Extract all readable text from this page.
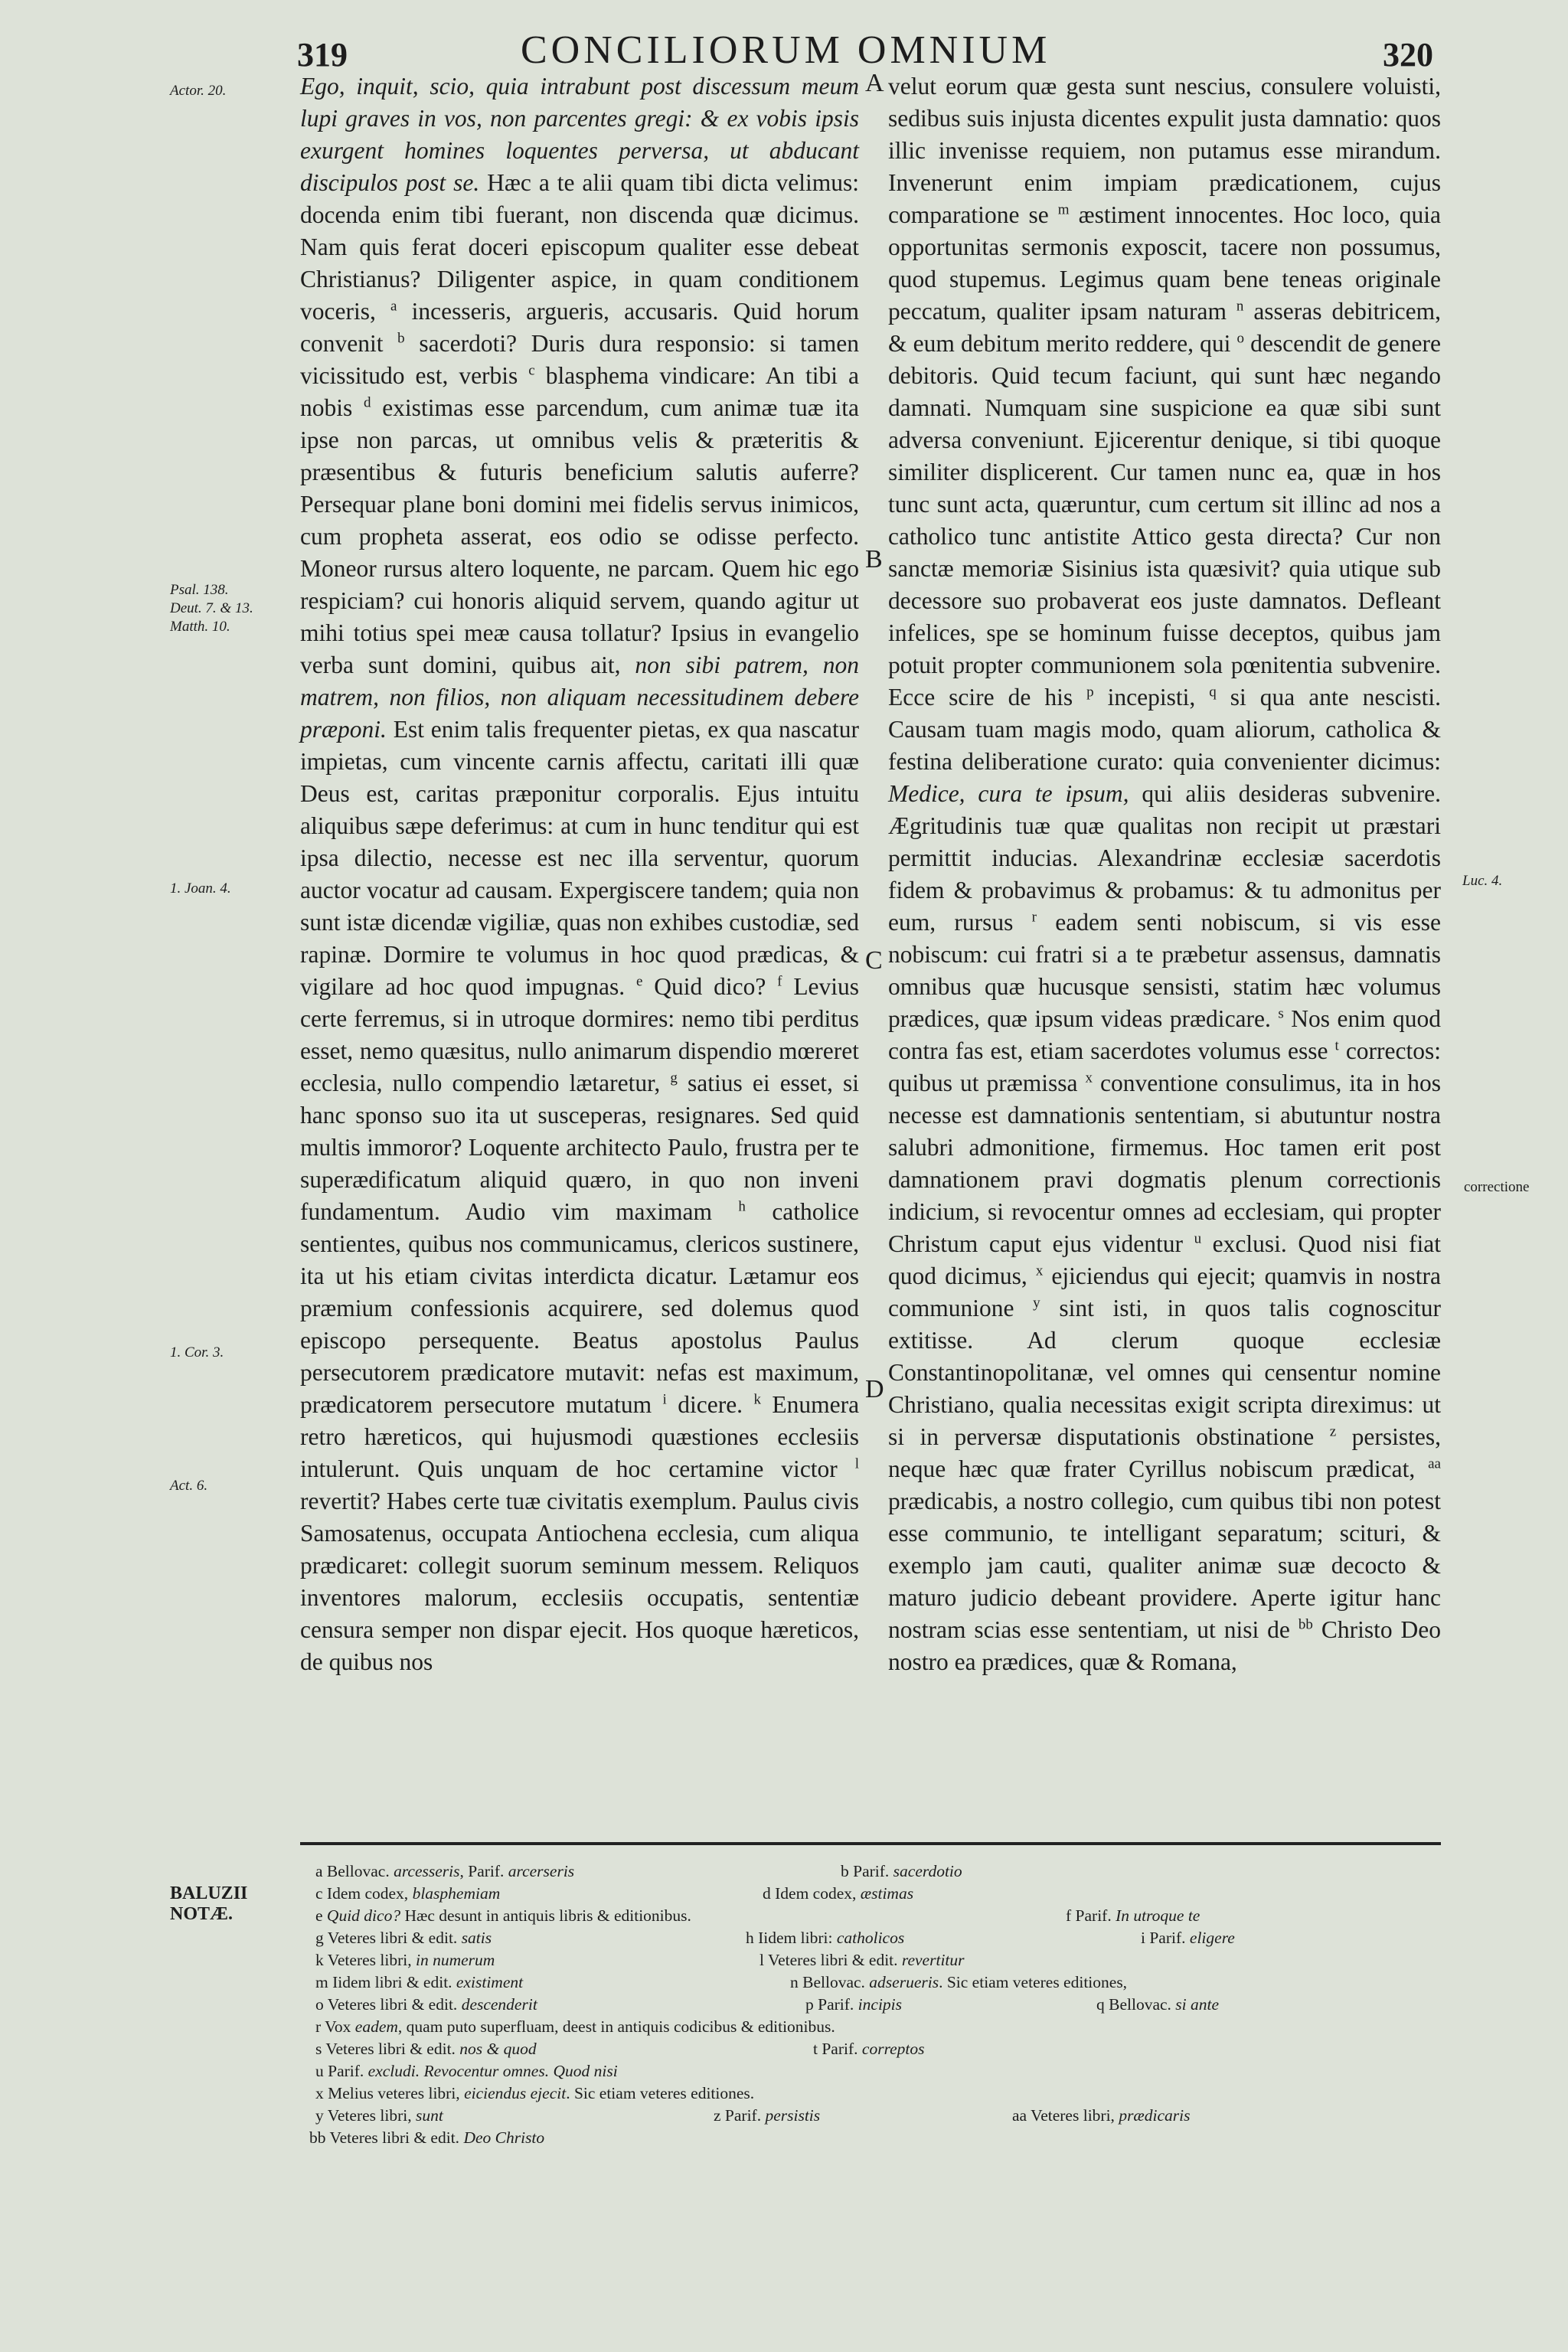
319	CONCILIORUM OMNIUM	320
Actor. 20.
Psal. 138.
Deut. 7. & 13.
Matth. 10.
1. Joan. 4.
1. Cor. 3.
Act. 6.
Luc. 4.
correctione
A
B
C
D

Ego, inquit, scio, quia intrabunt post discessum meum lupi graves in vos, non parcentes gregi: & ex vobis ipsis exurgent homines loquentes perversa, ut abducant discipulos post se. Hæc a te alii quam tibi dicta velimus: docenda enim tibi fuerant, non discenda quæ dicimus. Nam quis ferat doceri episcopum qualiter esse debeat Christianus? Diligenter aspice, in quam conditionem voceris, $^a$ incesseris, argueris, accusaris. Quid horum convenit $^b$ sacerdoti? Duris dura responsio: si tamen vicissitudo est, verbis $^c$ blasphema vindicare: An tibi a nobis $^d$ existimas esse parcendum, cum animæ tuæ ita ipse non parcas, ut omnibus velis & præteritis & præsentibus & futuris beneficium salutis auferre? Persequar plane boni domini mei fidelis servus inimicos, cum propheta asserat, eos odio se odisse perfecto. Moneor rursus altero loquente, ne parcam. Quem hic ego respiciam? cui honoris aliquid servem, quando agitur ut mihi totius spei meæ causa tollatur? Ipsius in evangelio verba sunt domini, quibus ait, non sibi patrem, non matrem, non filios, non aliquam necessitudinem debere præponi. Est enim talis frequenter pietas, ex qua nascatur impietas, cum vincente carnis affectu, caritati illi quæ Deus est, caritas præponitur corporalis. Ejus intuitu aliquibus sæpe deferimus: at cum in hunc tenditur qui est ipsa dilectio, necesse est nec illa serventur, quorum auctor vocatur ad causam. Expergiscere tandem; quia non sunt istæ dicendæ vigiliæ, quas non exhibes custodiæ, sed rapinæ. Dormire te volumus in hoc quod prædicas, & vigilare ad hoc quod impugnas. $^e$ Quid dico? $^f$ Levius certe ferremus, si in utroque dormires: nemo tibi perditus esset, nemo quæsitus, nullo animarum dispendio mœreret ecclesia, nullo compendio lætaretur, $^g$ satius ei esset, si hanc sponso suo ita ut susceperas, resignares. Sed quid multis immoror? Loquente architecto Paulo, frustra per te superædificatum aliquid quæro, in quo non inveni fundamentum. Audio vim maximam $^h$ catholice sentientes, quibus nos communicamus, clericos sustinere, ita ut his etiam civitas interdicta dicatur. Lætamur eos præmium confessionis acquirere, sed dolemus quod episcopo persequente. Beatus apostolus Paulus persecutorem prædicatore mutavit: nefas est maximum, prædicatorem persecutore mutatum $^i$ dicere. $^k$ Enumera retro hæreticos, qui hujusmodi quæstiones ecclesiis intulerunt. Quis unquam de hoc certamine victor $^l$ revertit? Habes certe tuæ civitatis exemplum. Paulus civis Samosatenus, occupata Antiochena ecclesia, cum aliqua prædicaret: collegit suorum seminum messem. Reliquos inventores malorum, ecclesiis occupatis, sententiæ censura semper non dispar ejecit. Hos quoque hæreticos, de quibus nos

velut eorum quæ gesta sunt nescius, consulere voluisti, sedibus suis injusta dicentes expulit justa damnatio: quos illic invenisse requiem, non putamus esse mirandum. Invenerunt enim impiam prædicationem, cujus comparatione se $^m$ æstiment innocentes. Hoc loco, quia opportunitas sermonis exposcit, tacere non possumus, quod stupemus. Legimus quam bene teneas originale peccatum, qualiter ipsam naturam $^n$ asseras debitricem, & eum debitum merito reddere, qui $^o$ descendit de genere debitoris. Quid tecum faciunt, qui sunt hæc negando damnati. Numquam sine suspicione ea quæ sibi sunt adversa conveniunt. Ejicerentur denique, si tibi quoque similiter displicerent. Cur tamen nunc ea, quæ in hos tunc sunt acta, quæruntur, cum certum sit illinc ad nos a catholico tunc antistite Attico gesta directa? Cur non sanctæ memoriæ Sisinius ista quæsivit? quia utique sub decessore suo probaverat eos juste damnatos. Defleant infelices, spe se hominum fuisse deceptos, quibus jam potuit propter communionem sola pœnitentia subvenire. Ecce scire de his $^p$ incepisti, $^q$ si qua ante nescisti. Causam tuam magis modo, quam aliorum, catholica & festina deliberatione curato: quia convenienter dicimus: Medice, cura te ipsum, qui aliis desideras subvenire. Ægritudinis tuæ quæ qualitas non recipit ut præstari permittit inducias. Alexandrinæ ecclesiæ sacerdotis fidem & probavimus & probamus: & tu admonitus per eum, rursus $^r$ eadem senti nobiscum, si vis esse nobiscum: cui fratri si a te præbetur assensus, damnatis omnibus quæ hucusque sensisti, statim hæc volumus prædices, quæ ipsum videas prædicare. $^s$ Nos enim quod contra fas est, etiam sacerdotes volumus esse $^t$ correctos: quibus ut præmissa $^x$ conventione consulimus, ita in hos necesse est damnationis sententiam, si abutuntur nostra salubri admonitione, firmemus. Hoc tamen erit post damnationem pravi dogmatis plenum correctionis indicium, si revocentur omnes ad ecclesiam, qui propter Christum caput ejus videntur $^u$ exclusi. Quod nisi fiat quod dicimus, $^x$ ejiciendus qui ejecit; quamvis in nostra communione $^y$ sint isti, in quos talis cognoscitur extitisse. Ad clerum quoque ecclesiæ Constantinopolitanæ, vel omnes qui censentur nomine Christiano, qualia necessitas exigit scripta direximus: ut si in perversæ disputationis obstinatione $^z$ persistes, neque hæc quæ frater Cyrillus nobiscum prædicat, $^{aa}$ prædicabis, a nostro collegio, cum quibus tibi non potest esse communio, te intelligant separatum; scituri, & exemplo jam cauti, qualiter animæ suæ decocto & maturo judicio debeant providere. Aperte igitur hanc nostram scias esse sententiam, ut nisi de $^{bb}$ Christo Deo nostro ea prædices, quæ & Romana,

BALUZII
NOTÆ.
a Bellovac. arcesseris, Parif. arcerseris	b Parif. sacerdotio
c Idem codex, blasphemiam	d Idem codex, æstimas
e Quid dico? Hæc desunt in antiquis libris & editionibus.	f Parif. In utroque te
g Veteres libri & edit. satis	h Iidem libri: catholicos	i Parif. eligere
k Veteres libri, in numerum	l Veteres libri & edit. revertitur
m Iidem libri & edit. existiment	n Bellovac. adserueris. Sic etiam veteres editiones,
o Veteres libri & edit. descenderit	p Parif. incipis	q Bellovac. si ante
r Vox eadem, quam puto superfluam, deest in antiquis codicibus & editionibus.
s Veteres libri & edit. nos & quod	t Parif. correptos
u Parif. excludi. Revocentur omnes. Quod nisi
x Melius veteres libri, eiciendus ejecit. Sic etiam veteres editiones.
y Veteres libri, sunt	z Parif. persistis	aa Veteres libri, prædicaris
bb Veteres libri & edit. Deo Christo
